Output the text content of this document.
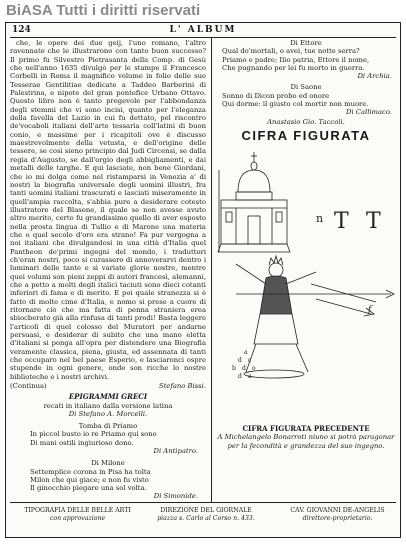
BiASA Tutti i diritti riservati
124	L' ALBUM

che, le opere dei due geij, l'uno romano, l'altro ravennate che le illustrarono con tanto buon successo? Il primo fu Silvestro Pietrasanta della Comp. di Gesù che nell'anno 1635 divulgò per le stampe il Francesco Corbelli in Roma il magnifico volume in folio delle sue Tesserae Gentilitiae dedicate a Taddeo Barberini di Palestrina, e nipote del gran pontefice Urbano Ottavo. Questo libro non è tanto pregevole per l'abbondanza degli stemmi che vi sono incisi, quanto per l'eleganza della favella del Lazio in cui fu dettato, pel riscontro de'vocaboli italiani dell'arte tessaria coll'latini di buon conio, e massime per i ricapitoli ove è discusso maestrevolmente della vetusta, e dell'origine delle tessere, se così sieno principio dal Judi Circensi, se dalla regia d'Augusto, se dall'orgio degli abbigliamenti, e dai metalli delle targhe. E qui lasciate, non bene Giordani, che io mi dolga come nel ristamparsi in Venezia a' di nostri la biografia universale degli uomini illustri, fra tanti uomini italiani trascurati e lasciati miseramente in quell'ampia raccolta, s'abbia pure a desiderare cotesto illustratore del Blasone, il quale se non avesse avuto altro merito, certo fu grandissimo quello di aver esposto nella prosta lingua di Tullio e di Marone una materia che o quel secolo d'oro era strano! Fa pur vergogna a noi italiani che divulgandosi in una città d'Italia quel Pantheon de'primi ingegni del mondo, i traduttori ch'eran nostri, poco si curassero di annoverarvi dentro i luminari delle tante e sì variate glorie nostre, mentre quei volumi son pieni zeppi di autori francesi, alemanni, che a petto a molti degli italici taciuti sono dieci cotanti inferiori di fama e di merito. E poi quale stranezza si è fatto di molte cime d'Italia, e nomo si prese a cuore di ritornare ciò che ma fatta di penna straniera erea sbiocberato già alla rinfusa di tanti prodi! Basta leggere l'articoli di quel colosso del Muratori per andarne persuasi, e desiderar di subito che una mano eletta d'italiani si ponga all'opra per distendere una Biografia veramente classica, piena, giusta, ed assennata di tanti che occuparo nel bel paese Esperio, e lasciaronci ospre stupende in ogni genere, onde son ricche lo nostre biblioteche e i nostri archivi.

(Continua)	Stefano Bissi.
EPIGRAMMI GRECI
recati in italiano dalla versione latina
Di Stefano A. Morcelli.
Tomba di Priamo
In piccol busto io re Priamo qui sono
Di mani ostili ingiurioso dono.
Di Antipatro.
Di Milone
Settemplice corona in Pisa ha tolta
Milon che qui giace; e non fu visto
Il ginocchio piegare una sol volta.
Di Simonide.
Di Ettore
Qual do'mortali, o avei, tue notte serra?
Priamo e padre; Ilio patria, Ettore il nome,
Che pugnando per lei fu morto in guerra.
Di Archia.
Di Saone
Sonno di Dicon probo ed onore
Qui dorme: il giusto col mortir non muore.
Di Callimaco.
Anastasio Gio. Taccoli.
CIFRA FIGURATA
n T T
f
a
d c
b d o
d a
CIFRA FIGURATA PRECEDENTE
A Michelangelo Bonarroti niuno si potrà paragonar per la fecondità e grandezza del suo ingegno.
TIPOGRAFIA DELLE BELLE ARTI
con approvazione
DIREZIONE DEL GIORNALE
piazza s. Carlo al Corso n. 433.
CAV. GIOVANNI DE-ANGELIS
direttore-proprietario.
